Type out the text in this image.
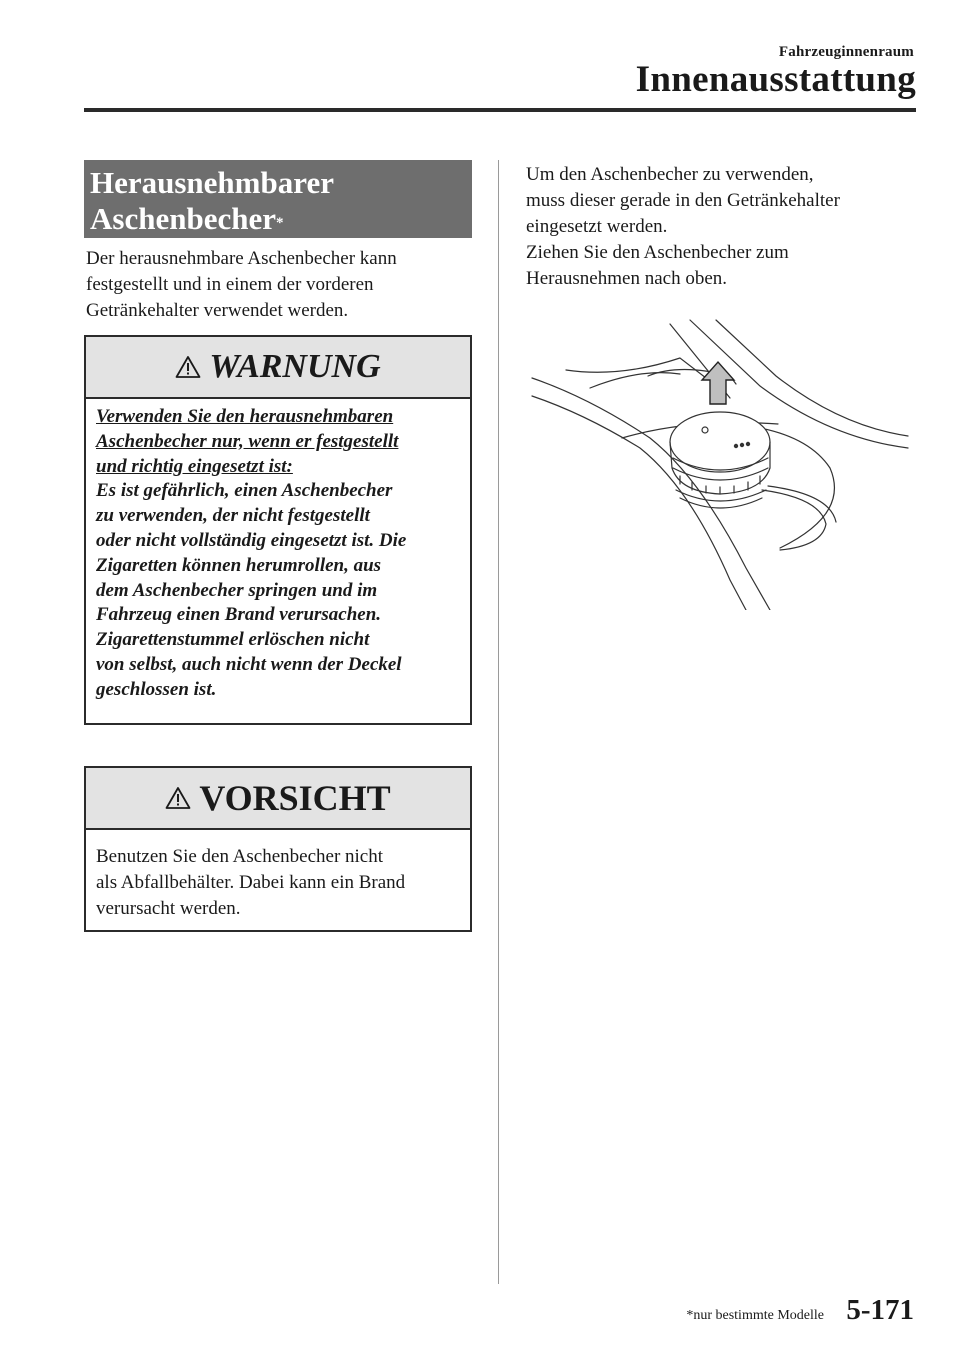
Fahrzeuginnenraum
Innenausstattung
Herausnehmbarer
Aschenbecher*

Der herausnehmbare Aschenbecher kann
festgestellt und in einem der vorderen
Getränkehalter verwendet werden.

WARNUNG
Verwenden Sie den herausnehmbaren
Aschenbecher nur, wenn er festgestellt
und richtig eingesetzt ist:
Es ist gefährlich, einen Aschenbecher
zu verwenden, der nicht festgestellt
oder nicht vollständig eingesetzt ist. Die
Zigaretten können herumrollen, aus
dem Aschenbecher springen und im
Fahrzeug einen Brand verursachen.
Zigarettenstummel erlöschen nicht
von selbst, auch nicht wenn der Deckel
geschlossen ist.
VORSICHT
Benutzen Sie den Aschenbecher nicht
als Abfallbehälter. Dabei kann ein Brand
verursacht werden.

Um den Aschenbecher zu verwenden,
muss dieser gerade in den Getränkehalter
eingesetzt werden.
Ziehen Sie den Aschenbecher zum
Herausnehmen nach oben.

*nur bestimmte Modelle 5-171
